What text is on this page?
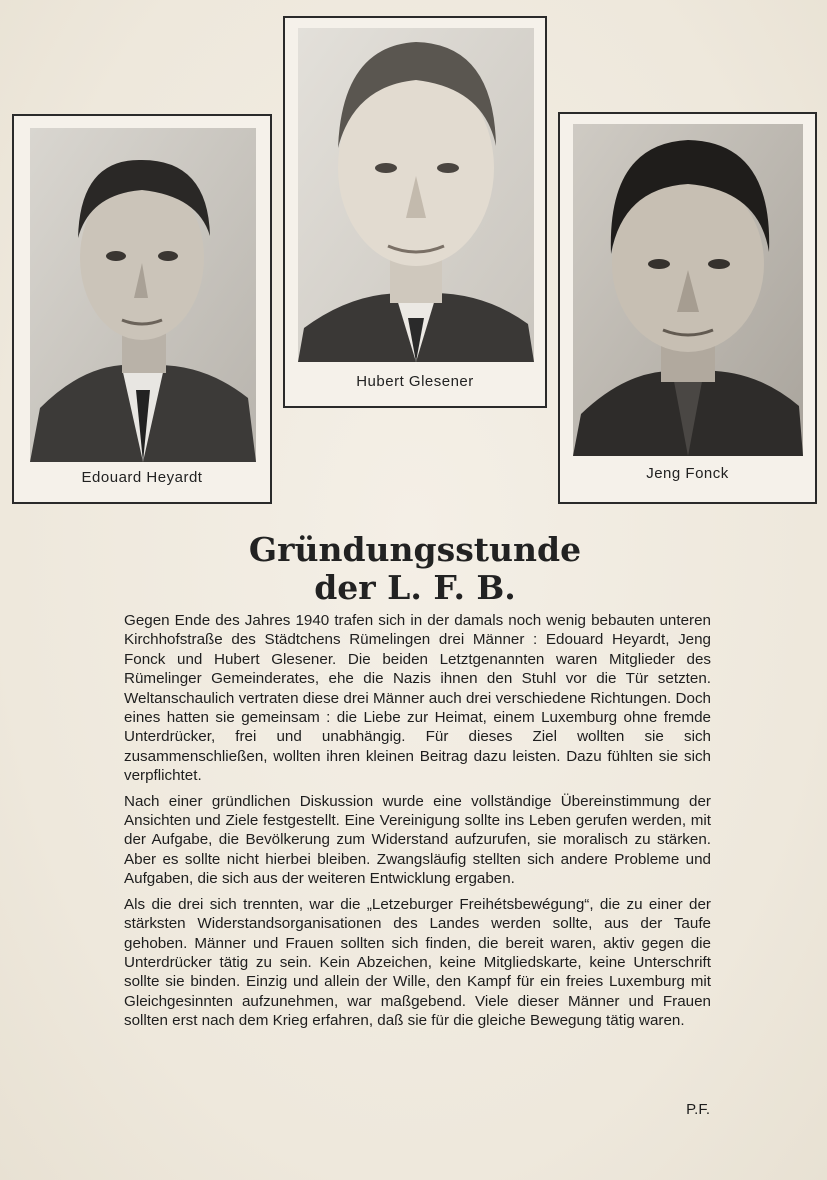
Edouard Heyardt
Hubert Glesener
Jeng Fonck
Gründungsstunde
der L. F. B.

Gegen Ende des Jahres 1940 trafen sich in der damals noch wenig bebauten unteren Kirchhofstraße des Städtchens Rümelingen drei Männer : Edouard Heyardt, Jeng Fonck und Hubert Glesener. Die beiden Letztgenannten waren Mitglieder des Rümelinger Gemeinderates, ehe die Nazis ihnen den Stuhl vor die Tür setzten. Weltanschaulich vertraten diese drei Männer auch drei verschiedene Richtungen. Doch eines hatten sie gemeinsam : die Liebe zur Heimat, einem Luxemburg ohne fremde Unterdrücker, frei und unabhängig. Für dieses Ziel wollten sie sich zusammenschließen, wollten ihren kleinen Beitrag dazu leisten. Dazu fühlten sie sich verpflichtet.

Nach einer gründlichen Diskussion wurde eine vollständige Übereinstimmung der Ansichten und Ziele festgestellt. Eine Vereinigung sollte ins Leben gerufen werden, mit der Aufgabe, die Bevölkerung zum Widerstand aufzurufen, sie moralisch zu stärken. Aber es sollte nicht hierbei bleiben. Zwangsläufig stellten sich andere Probleme und Aufgaben, die sich aus der weiteren Entwicklung ergaben.

Als die drei sich trennten, war die „Letzeburger Freihétsbewégung“, die zu einer der stärksten Widerstandsorganisationen des Landes werden sollte, aus der Taufe gehoben. Männer und Frauen sollten sich finden, die bereit waren, aktiv gegen die Unterdrücker tätig zu sein. Kein Abzeichen, keine Mitgliedskarte, keine Unterschrift sollte sie binden. Einzig und allein der Wille, den Kampf für ein freies Luxemburg mit Gleichgesinnten aufzunehmen, war maßgebend. Viele dieser Männer und Frauen sollten erst nach dem Krieg erfahren, daß sie für die gleiche Bewegung tätig waren.

P.F.
